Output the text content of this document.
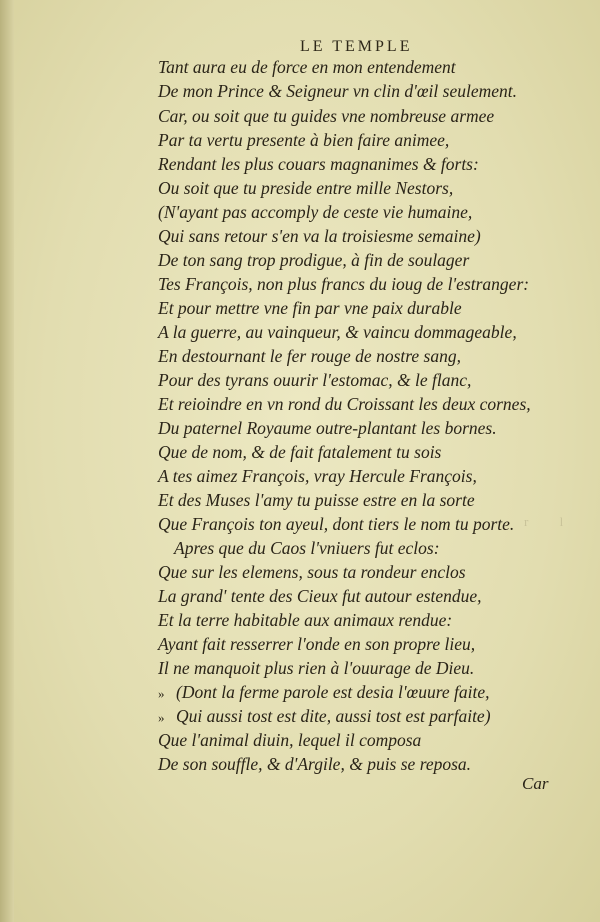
LE TEMPLE
Tant aura eu de force en mon entendement
De mon Prince & Seigneur vn clin d'œil seulement.
Car, ou soit que tu guides vne nombreuse armee
Par ta vertu presente à bien faire animee,
Rendant les plus couars magnanimes & forts:
Ou soit que tu preside entre mille Nestors,
(N'ayant pas accomply de ceste vie humaine,
Qui sans retour s'en va la troisiesme semaine)
De ton sang trop prodigue, à fin de soulager
Tes François, non plus francs du ioug de l'estranger:
Et pour mettre vne fin par vne paix durable
A la guerre, au vainqueur, & vaincu dommageable,
En destournant le fer rouge de nostre sang,
Pour des tyrans ouurir l'estomac, & le flanc,
Et reioindre en vn rond du Croissant les deux cornes,
Du paternel Royaume outre-plantant les bornes.
Que de nom, & de fait fatalement tu sois
A tes aimez François, vray Hercule François,
Et des Muses l'amy tu puisse estre en la sorte
Que François ton ayeul, dont tiers le nom tu porte.
Apres que du Caos l'vniuers fut eclos:
Que sur les elemens, sous ta rondeur enclos
La grand' tente des Cieux fut autour estendue,
Et la terre habitable aux animaux rendue:
Ayant fait resserrer l'onde en son propre lieu,
Il ne manquoit plus rien à l'ouurage de Dieu.
» (Dont la ferme parole est desia l'œuure faite,
» Qui aussi tost est dite, aussi tost est parfaite)
Que l'animal diuin, lequel il composa
De son souffle, & d'Argile, & puis se reposa.
r l
Car
